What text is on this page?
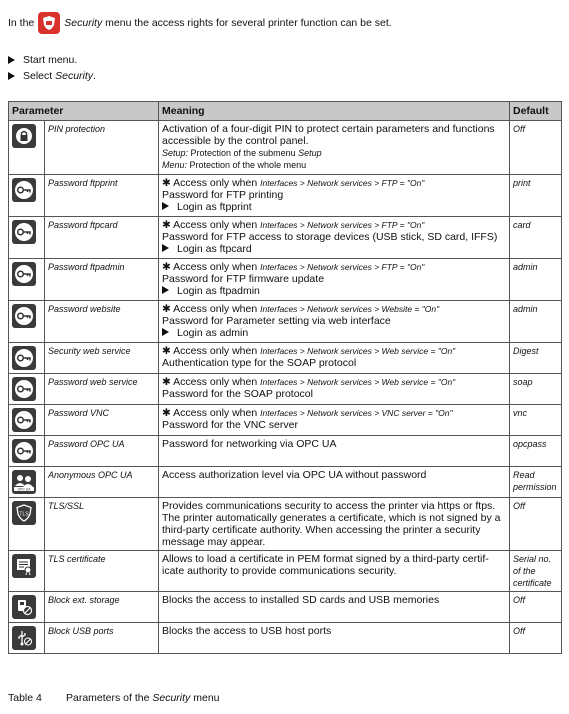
In the	Security
menu the access rights for several printer function can be set.
Start menu.
Select
Security .
Parameter		Meaning	Default

	PIN protection	Activation of a four-digit PIN to protect certain parameters and functions accessible by the control panel.
Setup: Protection of the submenu Setup
Menu: Protection of the whole menu	Off

	Password ftpprint	✱ Access only when Interfaces > Network services > FTP = "On"
Password for FTP printing
Login as ftpprint	print

	Password ftpcard	✱ Access only when Interfaces > Network services > FTP = "On"
Password for FTP access to storage devices (USB stick, SD card, IFFS)
Login as ftpcard	card

	Password ftpadmin	✱ Access only when Interfaces > Network services > FTP = "On"
Password for FTP firmware update
Login as ftpadmin	admin

	Password website	✱ Access only when Interfaces > Network services > Website = "On"
Password for Parameter setting via web interface
Login as admin	admin

	Security web service	✱ Access only when Interfaces > Network services > Web service = "On"
Authentication type for the SOAP protocol	Digest

	Password web service	✱ Access only when Interfaces > Network services > Web service = "On"
Password for the SOAP protocol	soap

	Password VNC	✱ Access only when Interfaces > Network services > VNC server = "On"
Password for the VNC server	vnc

	Password OPC UA	Password for networking via OPC UA	opcpass

OPC UA	Anonymous OPC UA	Access authorization level via OPC UA without password	Read permission

TLS	TLS/SSL	Provides communications security to access the printer via https or ftps. The printer automatically generates a certificate, which is not signed by a third-party certificate authority. When accessing the printer a security message may appear.	Off

	TLS certificate	Allows to load a certificate in PEM format signed by a third-party certif- icate authority to provide communications security.	Serial no. of the certificate

	Block ext. storage	Blocks the access to installed SD cards and USB memories	Off

	Block USB ports	Blocks the access to USB host ports	Off
Table 4 Parameters of the Security menu
